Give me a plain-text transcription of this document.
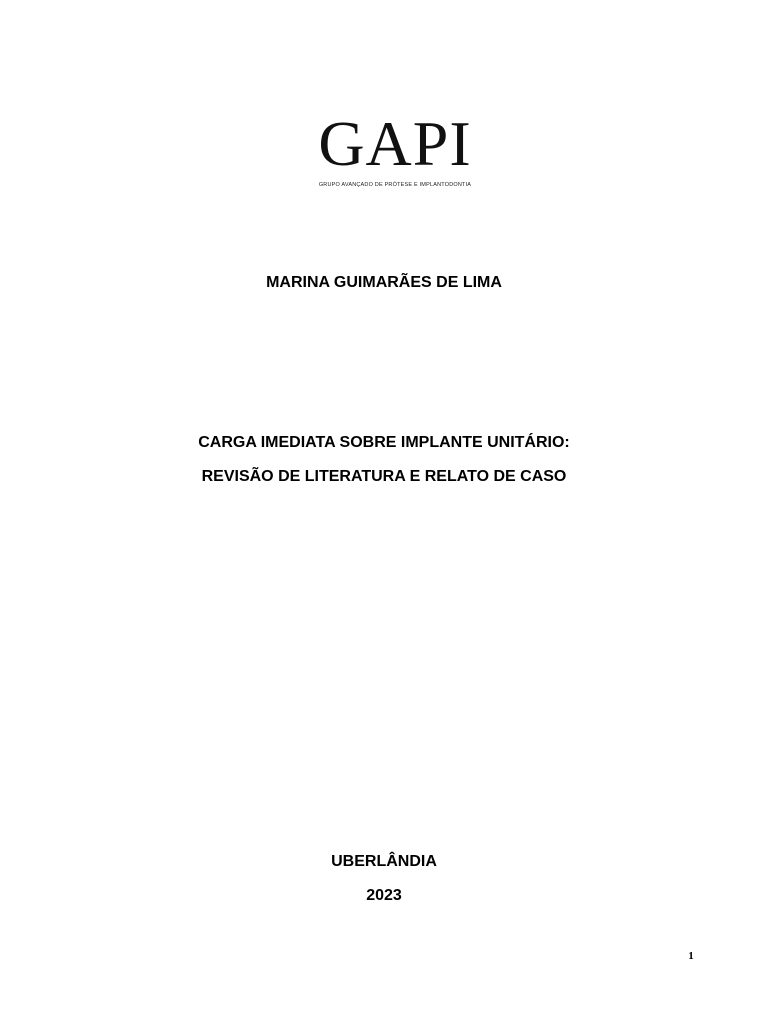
GAPI
GRUPO AVANÇADO DE PRÓTESE E IMPLANTODONTIA
MARINA GUIMARÃES DE LIMA
CARGA IMEDIATA SOBRE IMPLANTE UNITÁRIO:
REVISÃO DE LITERATURA E RELATO DE CASO
UBERLÂNDIA
2023
1
